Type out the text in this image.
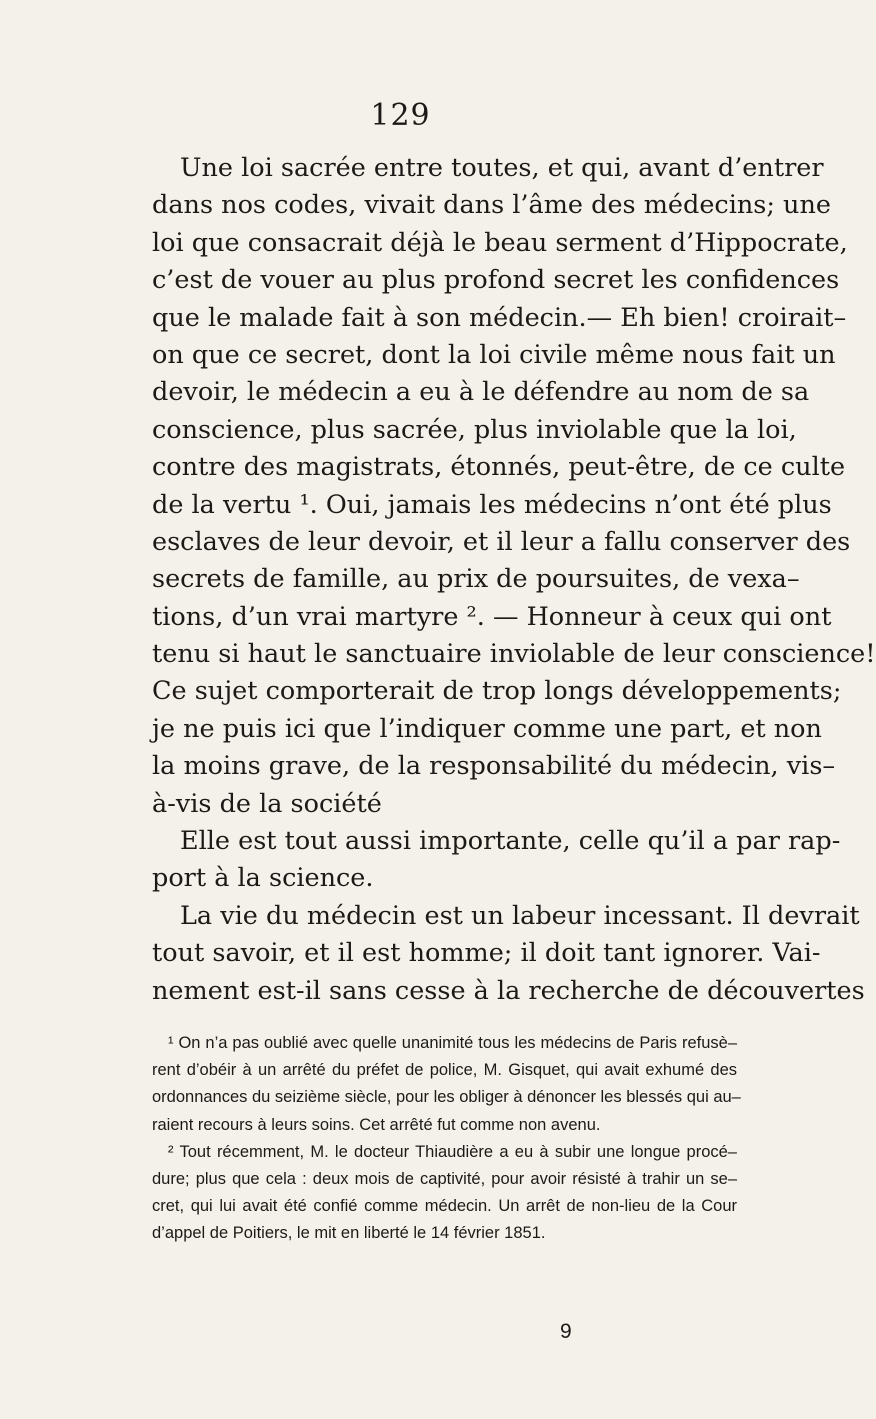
129
Une loi sacrée entre toutes, et qui, avant d’entrer
dans nos codes, vivait dans l’âme des médecins; une
loi que consacrait déjà le beau serment d’Hippocrate,
c’est de vouer au plus profond secret les confidences
que le malade fait à son médecin.— Eh bien! croirait–
on que ce secret, dont la loi civile même nous fait un
devoir, le médecin a eu à le défendre au nom de sa
conscience, plus sacrée, plus inviolable que la loi,
contre des magistrats, étonnés, peut-être, de ce culte
de la vertu ¹. Oui, jamais les médecins n’ont été plus
esclaves de leur devoir, et il leur a fallu conserver des
secrets de famille, au prix de poursuites, de vexa–
tions, d’un vrai martyre ². — Honneur à ceux qui ont
tenu si haut le sanctuaire inviolable de leur conscience!
Ce sujet comporterait de trop longs développements;
je ne puis ici que l’indiquer comme une part, et non
la moins grave, de la responsabilité du médecin, vis–
à-vis de la société
Elle est tout aussi importante, celle qu’il a par rap-
port à la science.
La vie du médecin est un labeur incessant. Il devrait
tout savoir, et il est homme; il doit tant ignorer. Vai-
nement est-il sans cesse à la recherche de découvertes
¹ On n’a pas oublié avec quelle unanimité tous les médecins de Paris refusè–
rent d’obéir à un arrêté du préfet de police, M. Gisquet, qui avait exhumé des
ordonnances du seizième siècle, pour les obliger à dénoncer les blessés qui au–
raient recours à leurs soins. Cet arrêté fut comme non avenu.
² Tout récemment, M. le docteur Thiaudière a eu à subir une longue procé–
dure; plus que cela : deux mois de captivité, pour avoir résisté à trahir un se–
cret, qui lui avait été confié comme médecin. Un arrêt de non-lieu de la Cour
d’appel de Poitiers, le mit en liberté le 14 février 1851.
9
